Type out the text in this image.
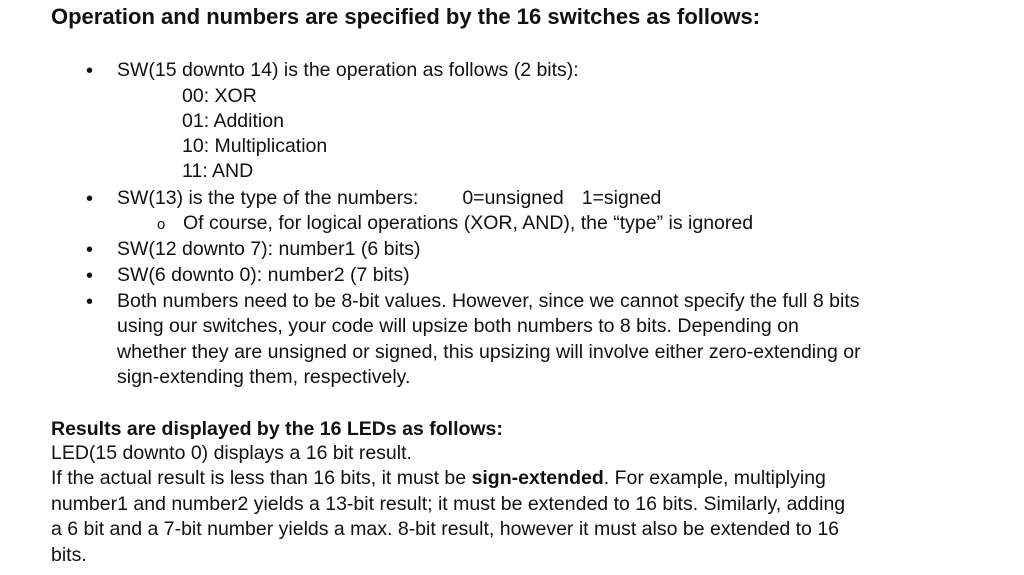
Operation and numbers are specified by the 16 switches as follows:
• SW(15 downto 14) is the operation as follows (2 bits):
00: XOR
01: Addition
10: Multiplication
11: AND
• SW(13) is the type of the numbers: 0=unsigned 1=signed
o Of course, for logical operations (XOR, AND), the “type” is ignored
• SW(12 downto 7): number1 (6 bits)
• SW(6 downto 0): number2 (7 bits)
• Both numbers need to be 8-bit values. However, since we cannot specify the full 8 bits
using our switches, your code will upsize both numbers to 8 bits. Depending on
whether they are unsigned or signed, this upsizing will involve either zero-extending or
sign-extending them, respectively.
Results are displayed by the 16 LEDs as follows:
LED(15 downto 0) displays a 16 bit result.
If the actual result is less than 16 bits, it must be sign-extended. For example, multiplying
number1 and number2 yields a 13-bit result; it must be extended to 16 bits. Similarly, adding
a 6 bit and a 7-bit number yields a max. 8-bit result, however it must also be extended to 16
bits.
